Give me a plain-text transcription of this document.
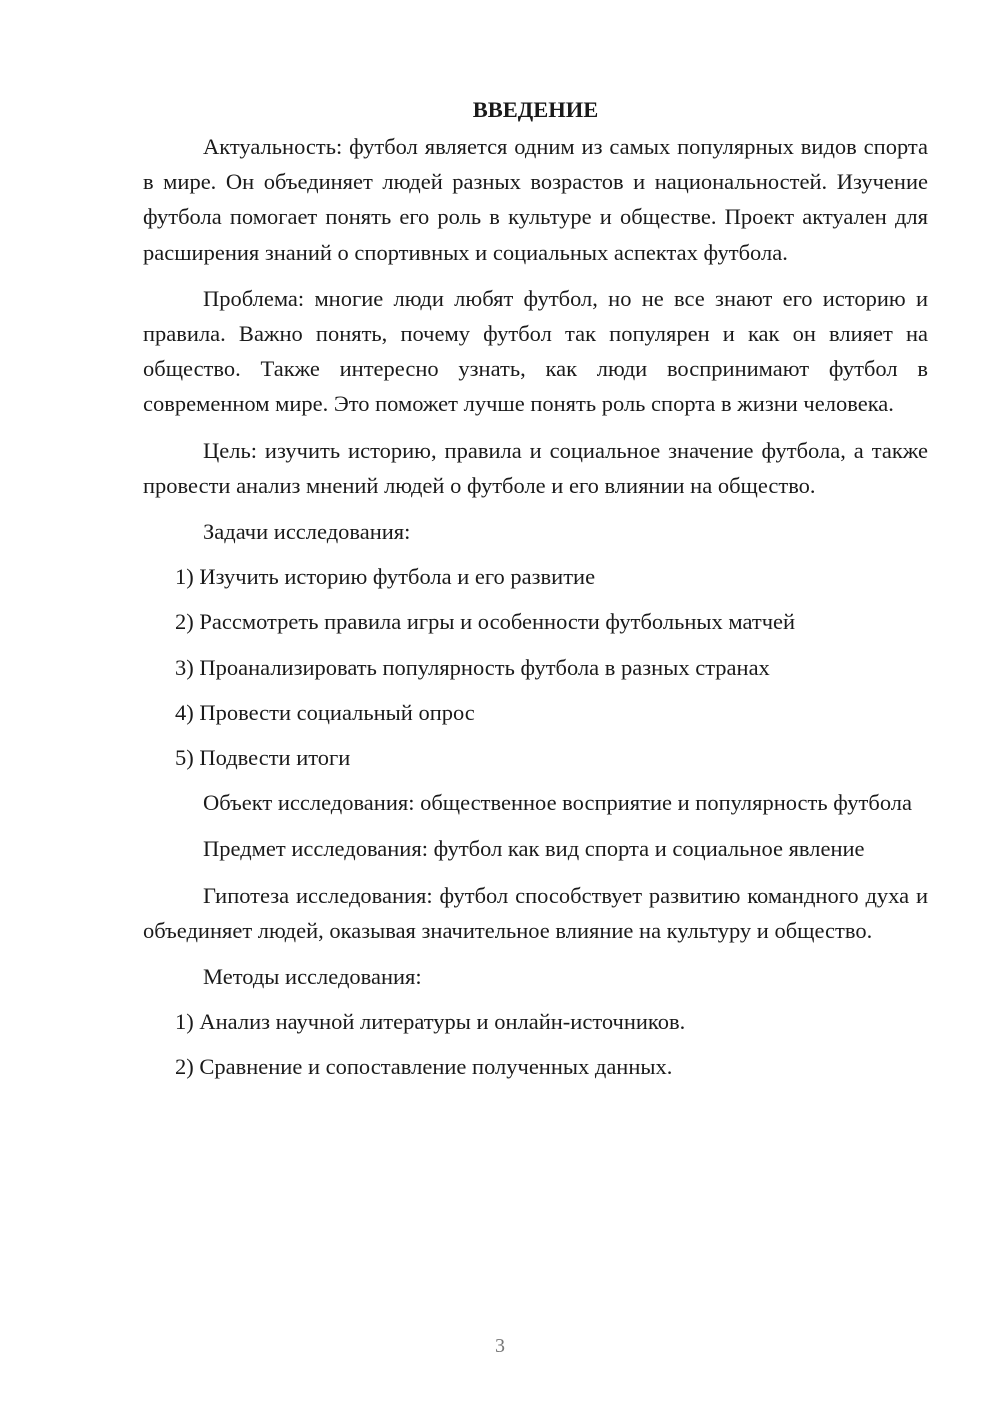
ВВЕДЕНИЕ

Актуальность: футбол является одним из самых популярных видов спорта в мире. Он объединяет людей разных возрастов и национальностей. Изучение футбола помогает понять его роль в культуре и обществе. Проект актуален для расширения знаний о спортивных и социальных аспектах футбола.

Проблема: многие люди любят футбол, но не все знают его историю и правила. Важно понять, почему футбол так популярен и как он влияет на общество. Также интересно узнать, как люди воспринимают футбол в современном мире. Это поможет лучше понять роль спорта в жизни человека.

Цель: изучить историю, правила и социальное значение футбола, а также провести анализ мнений людей о футболе и его влиянии на общество.

Задачи исследования:

1) Изучить историю футбола и его развитие
2) Рассмотреть правила игры и особенности футбольных матчей
3) Проанализировать популярность футбола в разных странах
4) Провести социальный опрос
5) Подвести итоги

Объект исследования: общественное восприятие и популярность футбола

Предмет исследования: футбол как вид спорта и социальное явление

Гипотеза исследования: футбол способствует развитию командного духа и объединяет людей, оказывая значительное влияние на культуру и общество.

Методы исследования:

1) Анализ научной литературы и онлайн-источников.
2) Сравнение и сопоставление полученных данных.
3
